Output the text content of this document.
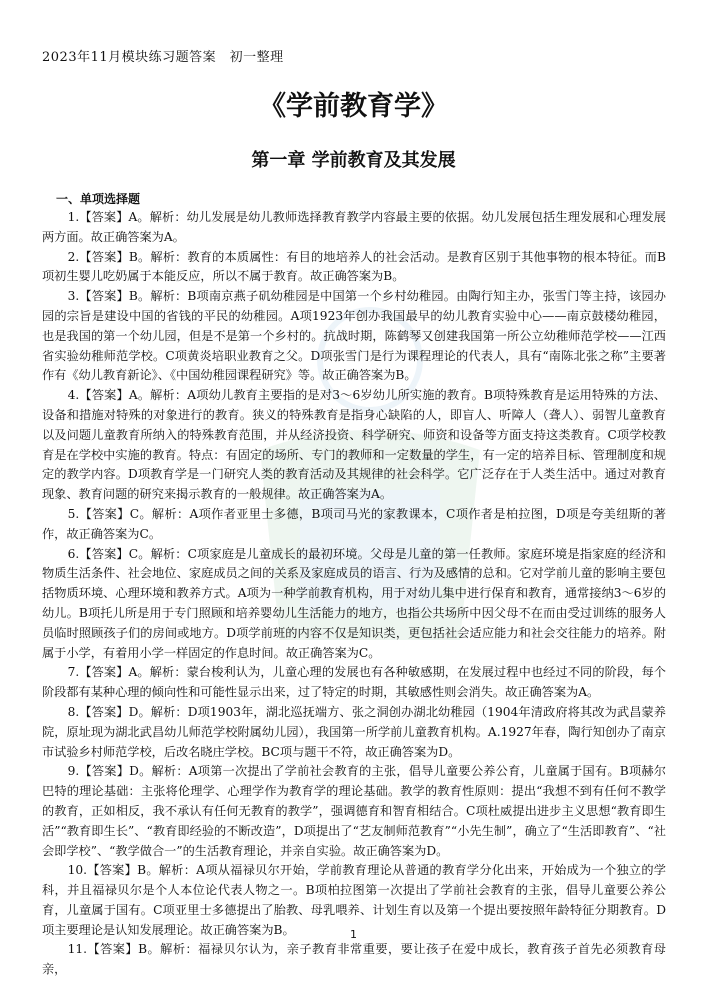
2023年11月模块练习题答案　初一整理
《学前教育学》
第一章 学前教育及其发展
一、单项选择题

1.【答案】A。解析：幼儿发展是幼儿教师选择教育教学内容最主要的依据。幼儿发展包括生理发展和心理发展两方面。故正确答案为A。

2.【答案】B。解析：教育的本质属性：有目的地培养人的社会活动。是教育区别于其他事物的根本特征。而B项初生婴儿吃奶属于本能反应，所以不属于教育。故正确答案为B。

3.【答案】B。解析：B项南京燕子矶幼稚园是中国第一个乡村幼稚园。由陶行知主办，张雪门等主持，该园办园的宗旨是建设中国的省钱的平民的幼稚园。A项1923年创办我国最早的幼儿教育实验中心——南京鼓楼幼稚园，也是我国的第一个幼儿园，但是不是第一个乡村的。抗战时期，陈鹤琴又创建我国第一所公立幼稚师范学校——江西省实验幼稚师范学校。C项黄炎培职业教育之父。D项张雪门是行为课程理论的代表人，具有“南陈北张之称”主要著作有《幼儿教育新论》、《中国幼稚园课程研究》等。故正确答案为B。

4.【答案】A。解析：A项幼儿教育主要指的是对3～6岁幼儿所实施的教育。B项特殊教育是运用特殊的方法、设备和措施对特殊的对象进行的教育。狭义的特殊教育是指身心缺陷的人，即盲人、听障人（聋人）、弱智儿童教育以及问题儿童教育所纳入的特殊教育范围，并从经济投资、科学研究、师资和设备等方面支持这类教育。C项学校教育是在学校中实施的教育。特点：有固定的场所、专门的教师和一定数量的学生，有一定的培养目标、管理制度和规定的教学内容。D项教育学是一门研究人类的教育活动及其规律的社会科学。它广泛存在于人类生活中。通过对教育现象、教育问题的研究来揭示教育的一般规律。故正确答案为A。

5.【答案】C。解析：A项作者亚里士多德，B项司马光的家教课本，C项作者是柏拉图，D项是夸美纽斯的著作，故正确答案为C。

6.【答案】C。解析：C项家庭是儿童成长的最初环境。父母是儿童的第一任教师。家庭环境是指家庭的经济和物质生活条件、社会地位、家庭成员之间的关系及家庭成员的语言、行为及感情的总和。它对学前儿童的影响主要包括物质环境、心理环境和教养方式。A项为一种学前教育机构，用于对幼儿集中进行保育和教育，通常接纳3～6岁的幼儿。B项托儿所是用于专门照顾和培养婴幼儿生活能力的地方，也指公共场所中因父母不在而由受过训练的服务人员临时照顾孩子们的房间或地方。D项学前班的内容不仅是知识类，更包括社会适应能力和社会交往能力的培养。附属于小学，有着用小学一样固定的作息时间。故正确答案为C。

7.【答案】A。解析：蒙台梭利认为，儿童心理的发展也有各种敏感期，在发展过程中也经过不同的阶段，每个阶段都有某种心理的倾向性和可能性显示出来，过了特定的时期，其敏感性则会消失。故正确答案为A。

8.【答案】D。解析：D项1903年，湖北巡抚端方、张之洞创办湖北幼稚园（1904年清政府将其改为武昌蒙养院，原址现为湖北武昌幼儿师范学校附属幼儿园），我国第一所学前儿童教育机构。A.1927年春，陶行知创办了南京市试验乡村师范学校，后改名晓庄学校。BC项与题干不符，故正确答案为D。

9.【答案】D。解析：A项第一次提出了学前社会教育的主张，倡导儿童要公养公育，儿童属于国有。B项赫尔巴特的理论基础：主张将伦理学、心理学作为教育学的理论基础。教学的教育性原则：提出“我想不到有任何不教学的教育，正如相反，我不承认有任何无教育的教学”，强调德育和智育相结合。C项杜威提出进步主义思想“教育即生活”“教育即生长”、“教育即经验的不断改造”，D项提出了“艺友制师范教育”“小先生制”，确立了“生活即教育”、“社会即学校”、“教学做合一”的生活教育理论，并亲自实验。故正确答案为D。

10.【答案】B。解析：A项从福禄贝尔开始，学前教育理论从普通的教育学分化出来，开始成为一个独立的学科，并且福禄贝尔是个人本位论代表人物之一。B项柏拉图第一次提出了学前社会教育的主张，倡导儿童要公养公育，儿童属于国有。C项亚里士多德提出了胎教、母乳喂养、计划生育以及第一个提出要按照年龄特征分期教育。D项主要理论是认知发展理论。故正确答案为B。

11.【答案】B。解析：福禄贝尔认为，亲子教育非常重要，要让孩子在爱中成长，教育孩子首先必须教育母亲，

1
